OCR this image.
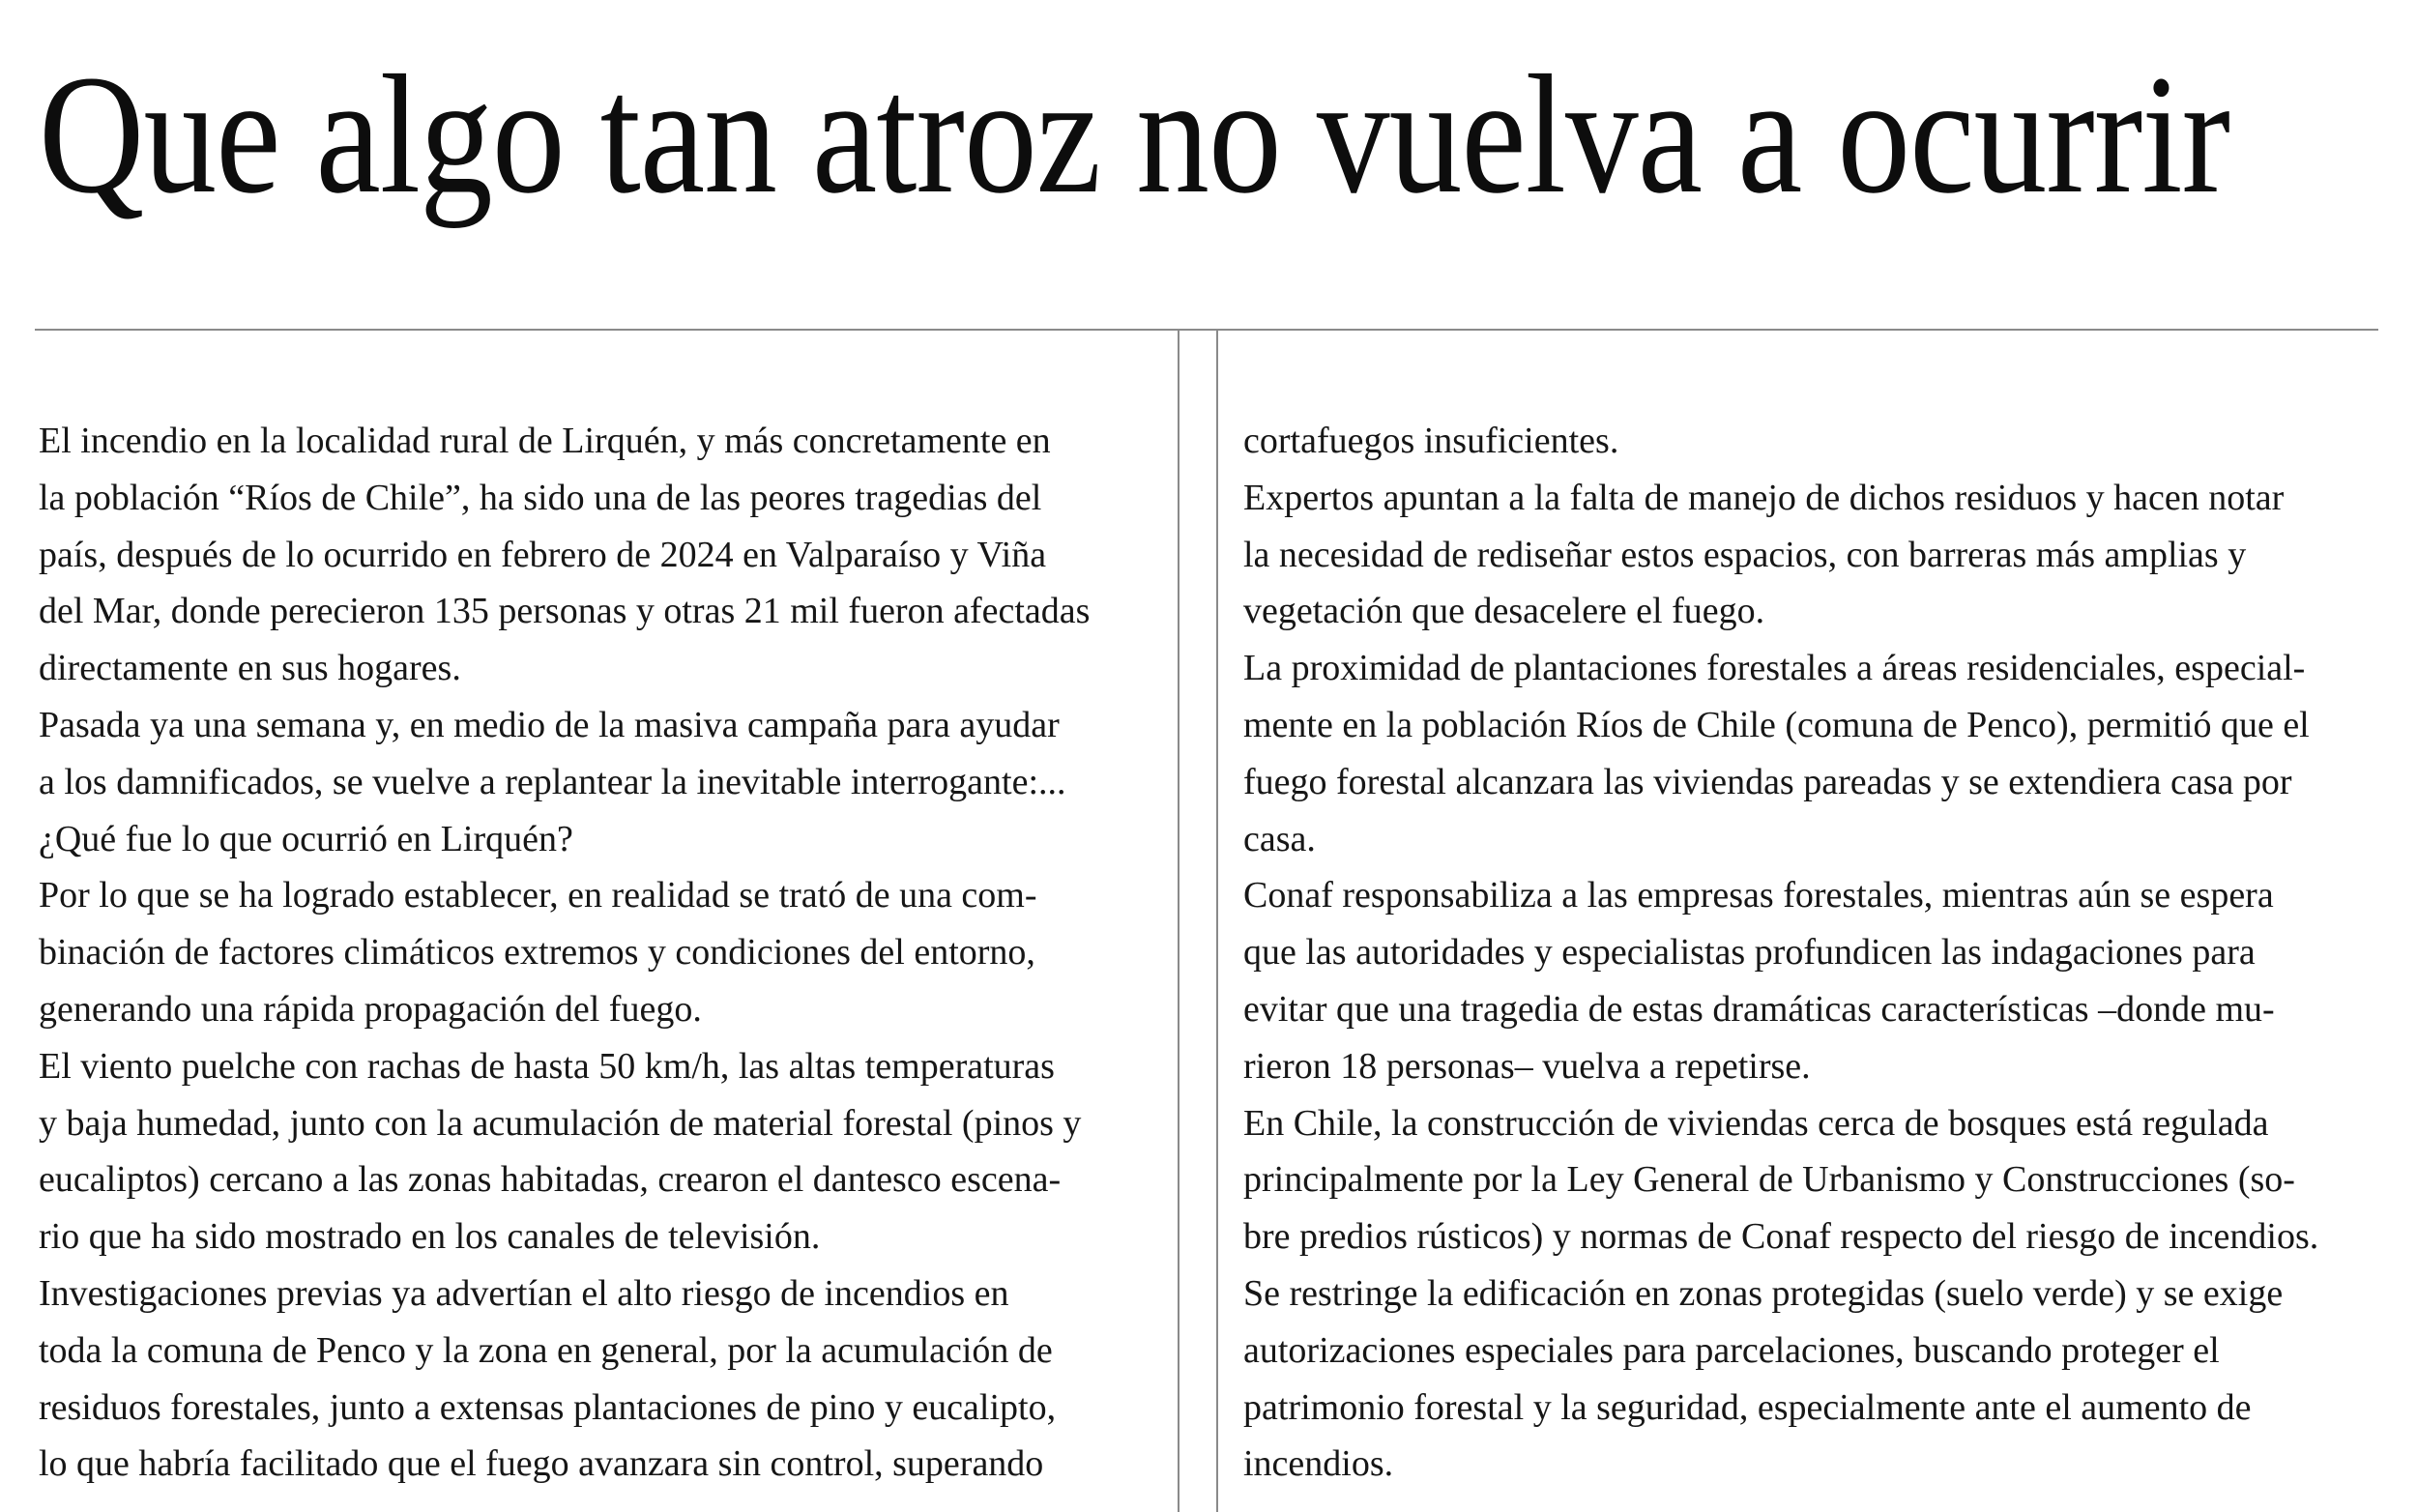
Que algo tan atroz no vuelva a ocurrir

El incendio en la localidad rural de Lirquén, y más concretamente en

la población “Ríos de Chile”, ha sido una de las peores tragedias del

país, después de lo ocurrido en febrero de 2024 en Valparaíso y Viña

del Mar, donde perecieron 135 personas y otras 21 mil fueron afectadas

directamente en sus hogares.

Pasada ya una semana y, en medio de la masiva campaña para ayudar

a los damnificados, se vuelve a replantear la inevitable interrogante:...

¿Qué fue lo que ocurrió en Lirquén?

Por lo que se ha logrado establecer, en realidad se trató de una com-

binación de factores climáticos extremos y condiciones del entorno,

generando una rápida propagación del fuego.

El viento puelche con rachas de hasta 50 km/h, las altas temperaturas

y baja humedad, junto con la acumulación de material forestal (pinos y

eucaliptos) cercano a las zonas habitadas, crearon el dantesco escena-

rio que ha sido mostrado en los canales de televisión.

Investigaciones previas ya advertían el alto riesgo de incendios en

toda la comuna de Penco y la zona en general, por la acumulación de

residuos forestales, junto a extensas plantaciones de pino y eucalipto,

lo que habría facilitado que el fuego avanzara sin control, superando

cortafuegos insuficientes.

Expertos apuntan a la falta de manejo de dichos residuos y hacen notar

la necesidad de rediseñar estos espacios, con barreras más amplias y

vegetación que desacelere el fuego.

La proximidad de plantaciones forestales a áreas residenciales, especial-

mente en la población Ríos de Chile (comuna de Penco), permitió que el

fuego forestal alcanzara las viviendas pareadas y se extendiera casa por

casa.

Conaf responsabiliza a las empresas forestales, mientras aún se espera

que las autoridades y especialistas profundicen las indagaciones para

evitar que una tragedia de estas dramáticas características –donde mu-

rieron 18 personas– vuelva a repetirse.

En Chile, la construcción de viviendas cerca de bosques está regulada

principalmente por la Ley General de Urbanismo y Construcciones (so-

bre predios rústicos) y normas de Conaf respecto del riesgo de incendios.

Se restringe la edificación en zonas protegidas (suelo verde) y se exige

autorizaciones especiales para parcelaciones, buscando proteger el

patrimonio forestal y la seguridad, especialmente ante el aumento de

incendios.
